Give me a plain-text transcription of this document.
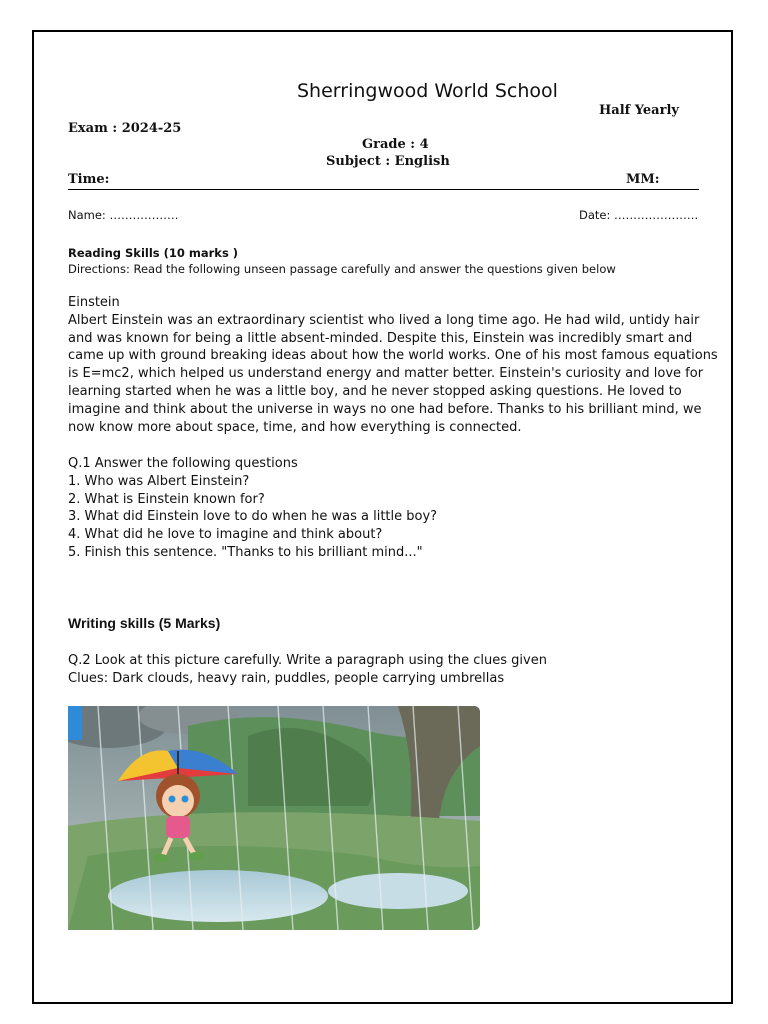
Sherringwood World School
Half Yearly
Exam : 2024-25
Grade : 4
Subject : English
Time:	MM:
Name: ………………	Date: ………………….
Reading Skills (10 marks )
Directions: Read the following unseen passage carefully and answer the questions given below
Einstein
Albert Einstein was an extraordinary scientist who lived a long time ago. He had wild, untidy hair
and was known for being a little absent-minded. Despite this, Einstein was incredibly smart and
came up with ground breaking ideas about how the world works. One of his most famous equations
is E=mc2, which helped us understand energy and matter better. Einstein's curiosity and love for
learning started when he was a little boy, and he never stopped asking questions. He loved to
imagine and think about the universe in ways no one had before. Thanks to his brilliant mind, we
now know more about space, time, and how everything is connected.
Q.1 Answer the following questions
1. Who was Albert Einstein?
2. What is Einstein known for?
3. What did Einstein love to do when he was a little boy?
4. What did he love to imagine and think about?
5. Finish this sentence. "Thanks to his brilliant mind..."
Writing skills (5 Marks)
Q.2 Look at this picture carefully. Write a paragraph using the clues given
Clues: Dark clouds, heavy rain, puddles, people carrying umbrellas
